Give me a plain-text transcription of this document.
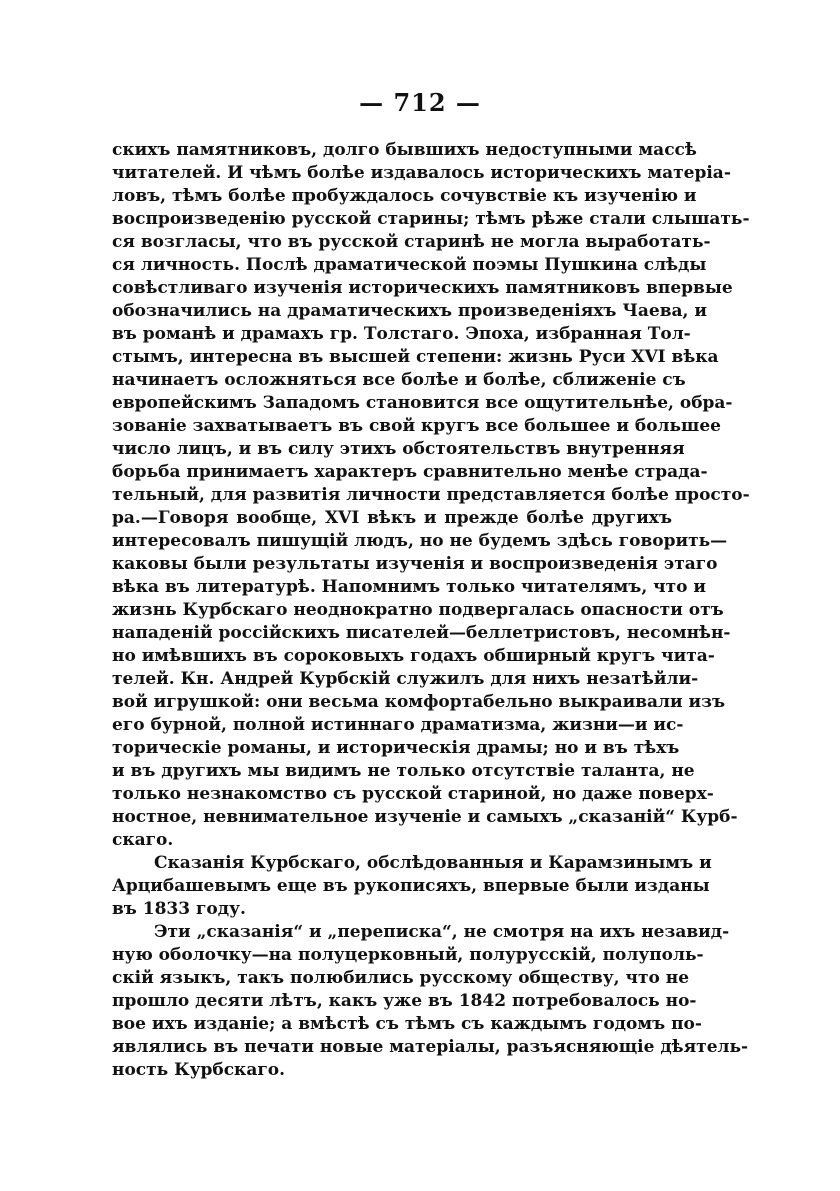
— 712 —
скихъ памятниковъ, долго бывшихъ недоступными массѣ
читателей. И чѣмъ болѣе издавалось историческихъ матеріа-
ловъ, тѣмъ болѣе пробуждалось сочувствіе къ изученію и
воспроизведенію русской старины; тѣмъ рѣже стали слышать-
ся возгласы, что въ русской старинѣ не могла выработать-
ся личность. Послѣ драматической поэмы Пушкина слѣды
совѣстливаго изученія историческихъ памятниковъ впервые
обозначились на драматическихъ произведеніяхъ Чаева, и
въ романѣ и драмахъ гр. Толстаго. Эпоха, избранная Тол-
стымъ, интересна въ высшей степени: жизнь Руси XVI вѣка
начинаетъ осложняться все болѣе и болѣе, сближеніе съ
европейскимъ Западомъ становится все ощутительнѣе, обра-
зованіе захватываетъ въ свой кругъ все большее и большее
число лицъ, и въ силу этихъ обстоятельствъ внутренняя
борьба принимаетъ характеръ сравнительно менѣе страда-
тельный, для развитія личности представляется болѣе просто-
ра.—Говоря вообще, XVI вѣкъ и прежде болѣе другихъ
интересовалъ пишущій людъ, но не будемъ здѣсь говорить—
каковы были результаты изученія и воспроизведенія этаго
вѣка въ литературѣ. Напомнимъ только читателямъ, что и
жизнь Курбскаго неоднократно подвергалась опасности отъ
нападеній россійскихъ писателей—беллетристовъ, несомнѣн-
но имѣвшихъ въ сороковыхъ годахъ обширный кругъ чита-
телей. Кн. Андрей Курбскій служилъ для нихъ незатѣйли-
вой игрушкой: они весьма комфортабельно выкраивали изъ
его бурной, полной истиннаго драматизма, жизни—и ис-
торическіе романы, и историческія драмы; но и въ тѣхъ
и въ другихъ мы видимъ не только отсутствіе таланта, не
только незнакомство съ русской стариной, но даже поверх-
ностное, невнимательное изученіе и самыхъ „сказаній“ Курб-
скаго.
Сказанія Курбскаго, обслѣдованныя и Карамзинымъ и
Арцибашевымъ еще въ рукописяхъ, впервые были изданы
въ 1833 году.
Эти „сказанія“ и „переписка“, не смотря на ихъ незавид-
ную оболочку—на полуцерковный, полурусскій, полуполь-
скій языкъ, такъ полюбились русскому обществу, что не
прошло десяти лѣтъ, какъ уже въ 1842 потребовалось но-
вое ихъ изданіе; а вмѣстѣ съ тѣмъ съ каждымъ годомъ по-
являлись въ печати новые матеріалы, разъясняющіе дѣятель-
ность Курбскаго.
